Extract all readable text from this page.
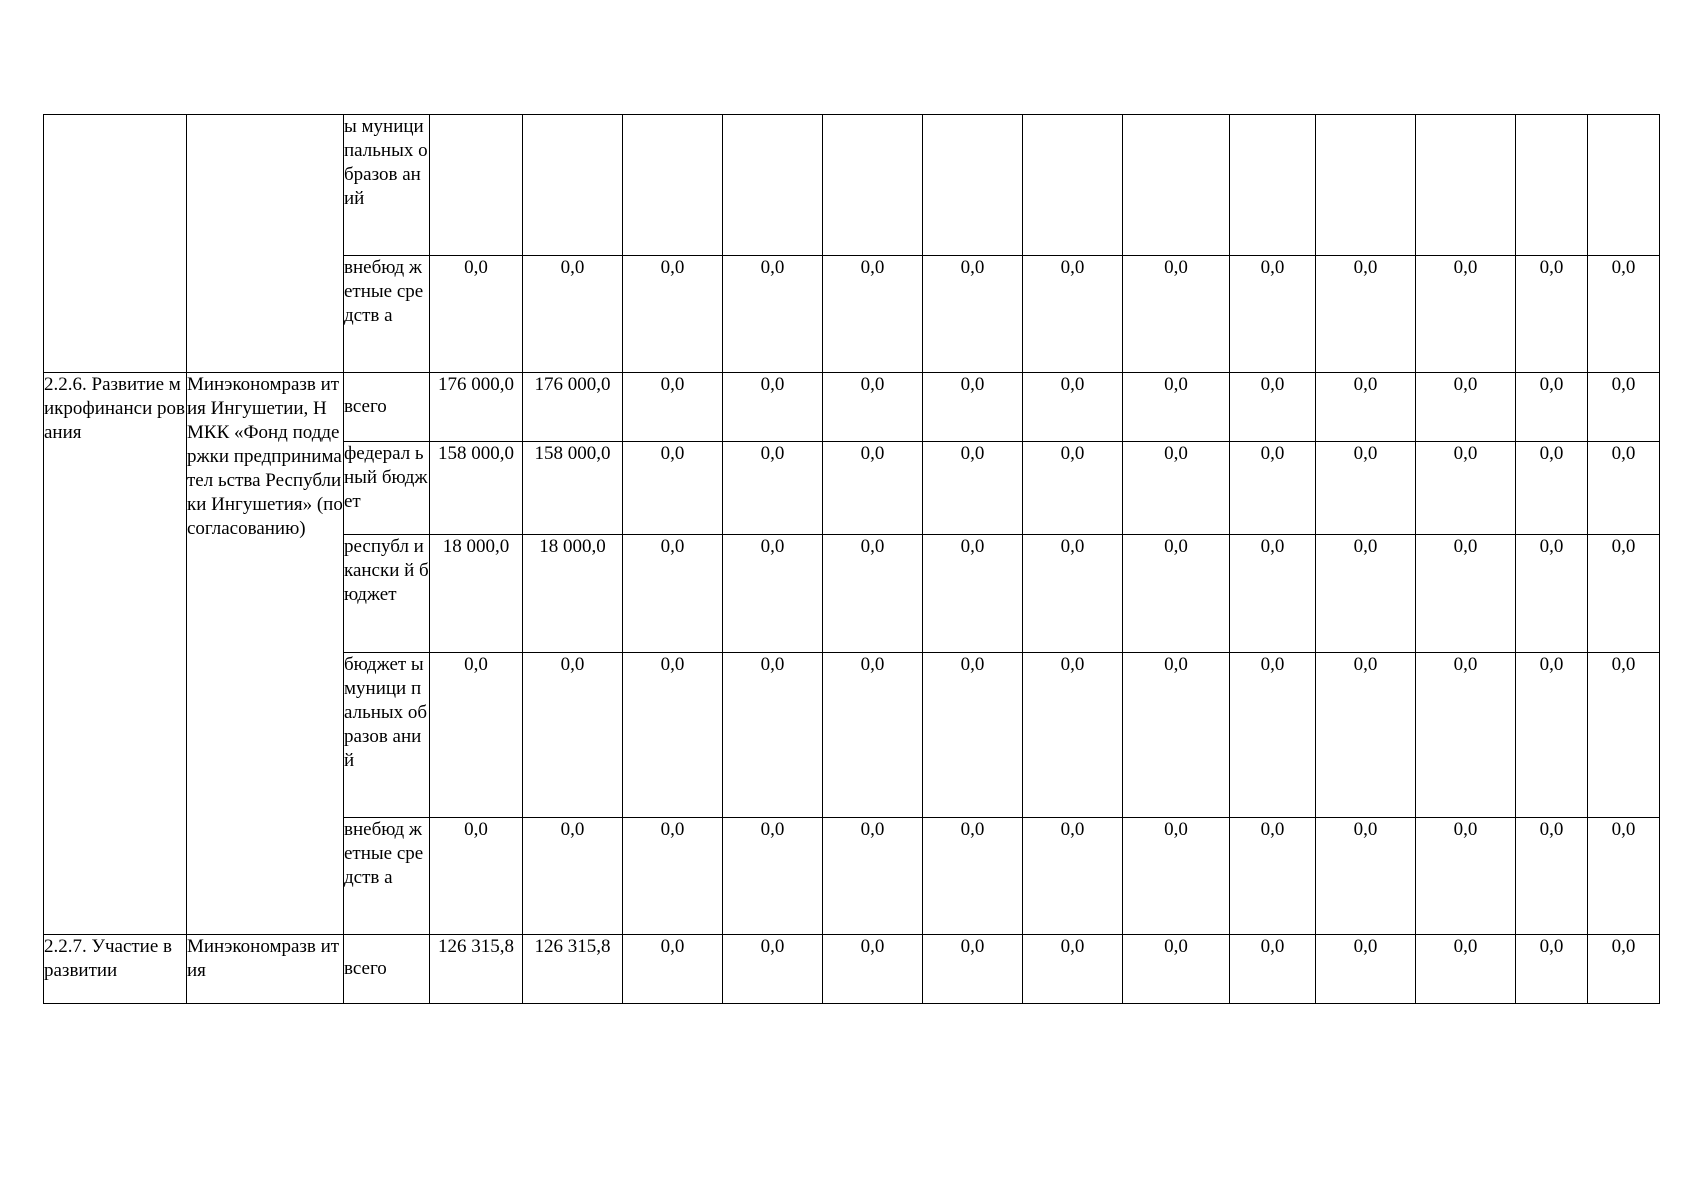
		ы муници пальных образов аний													
		внебюд жетные средств а	0,0	0,0	0,0	0,0	0,0	0,0	0,0	0,0	0,0	0,0	0,0	0,0	0,0
2.2.6. Развитие микрофинанси рования	Минэкономразв ития Ингушетии, НМКК «Фонд поддержки предпринимател ьства Республики Ингушетия» (по согласованию)	всего	176 000,0	176 000,0	0,0	0,0	0,0	0,0	0,0	0,0	0,0	0,0	0,0	0,0	0,0
		федерал ьный бюджет	158 000,0	158 000,0	0,0	0,0	0,0	0,0	0,0	0,0	0,0	0,0	0,0	0,0	0,0
		республ икански й бюджет	18 000,0	18 000,0	0,0	0,0	0,0	0,0	0,0	0,0	0,0	0,0	0,0	0,0	0,0
		бюджет ы муници пальных образов аний	0,0	0,0	0,0	0,0	0,0	0,0	0,0	0,0	0,0	0,0	0,0	0,0	0,0
		внебюд жетные средств а	0,0	0,0	0,0	0,0	0,0	0,0	0,0	0,0	0,0	0,0	0,0	0,0	0,0
2.2.7. Участие в развитии	Минэкономразв ития	всего	126 315,8	126 315,8	0,0	0,0	0,0	0,0	0,0	0,0	0,0	0,0	0,0	0,0	0,0
